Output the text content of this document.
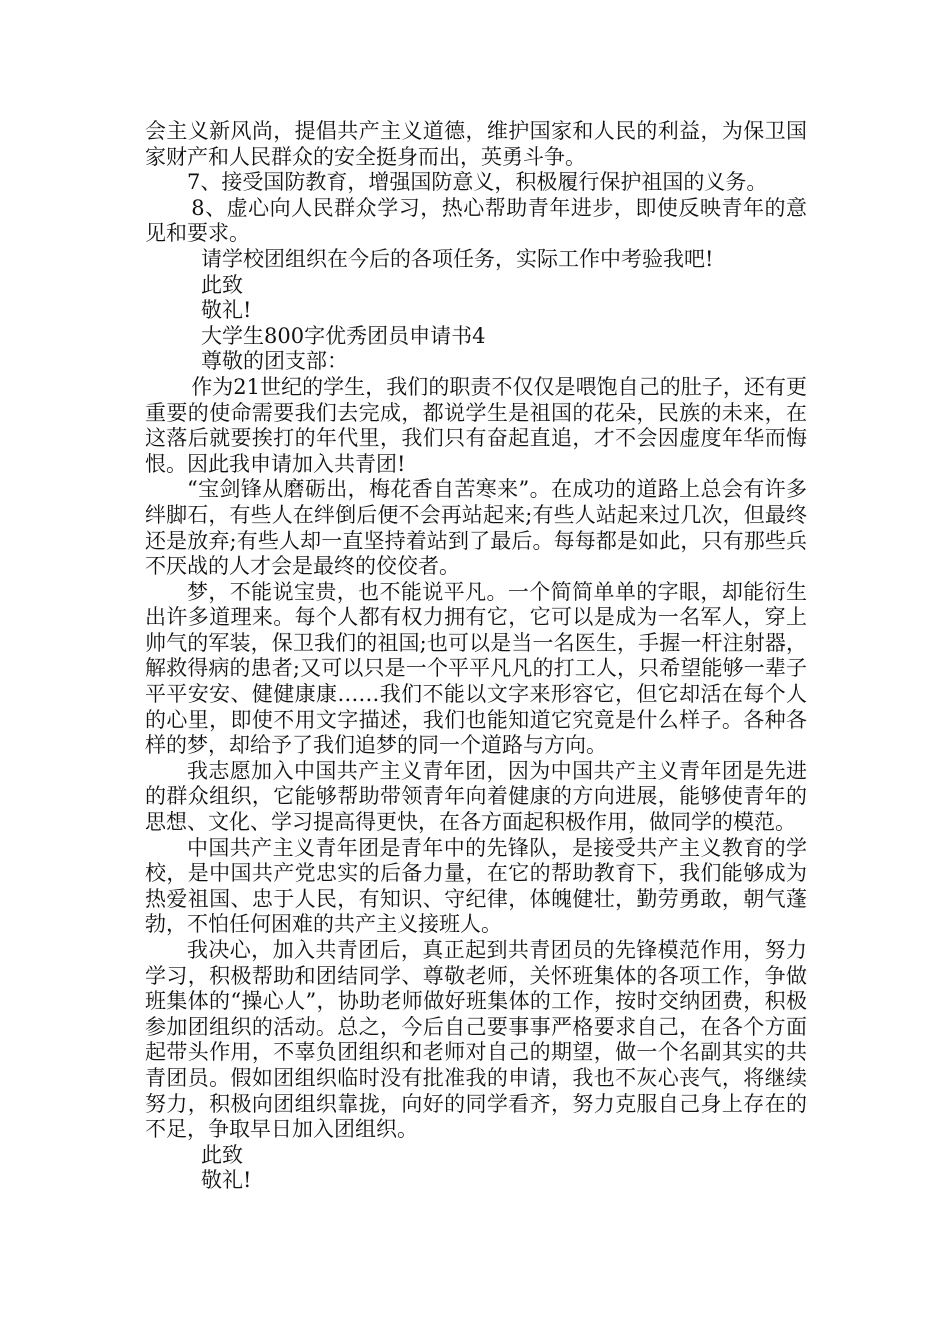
会主义新风尚，提倡共产主义道德，维护国家和人民的利益，为保卫国家财产和人民群众的安全挺身而出，英勇斗争。

7、接受国防教育，增强国防意义，积极履行保护祖国的义务。

8、虚心向人民群众学习，热心帮助青年进步，即使反映青年的意见和要求。

请学校团组织在今后的各项任务，实际工作中考验我吧!

此致

敬礼!

大学生800字优秀团员申请书4

尊敬的团支部：

作为21世纪的学生，我们的职责不仅仅是喂饱自己的肚子，还有更重要的使命需要我们去完成，都说学生是祖国的花朵，民族的未来，在这落后就要挨打的年代里，我们只有奋起直追，才不会因虚度年华而悔恨。因此我申请加入共青团!

“宝剑锋从磨砺出，梅花香自苦寒来”。在成功的道路上总会有许多绊脚石，有些人在绊倒后便不会再站起来;有些人站起来过几次，但最终还是放弃;有些人却一直坚持着站到了最后。每每都是如此，只有那些兵不厌战的人才会是最终的佼佼者。

梦，不能说宝贵，也不能说平凡。一个简简单单的字眼，却能衍生出许多道理来。每个人都有权力拥有它，它可以是成为一名军人，穿上帅气的军装，保卫我们的祖国;也可以是当一名医生，手握一杆注射器，解救得病的患者;又可以只是一个平平凡凡的打工人，只希望能够一辈子平平安安、健健康康……我们不能以文字来形容它，但它却活在每个人的心里，即使不用文字描述，我们也能知道它究竟是什么样子。各种各样的梦，却给予了我们追梦的同一个道路与方向。

我志愿加入中国共产主义青年团，因为中国共产主义青年团是先进的群众组织，它能够帮助带领青年向着健康的方向进展，能够使青年的思想、文化、学习提高得更快，在各方面起积极作用，做同学的模范。

中国共产主义青年团是青年中的先锋队，是接受共产主义教育的学校，是中国共产党忠实的后备力量，在它的帮助教育下，我们能够成为热爱祖国、忠于人民，有知识、守纪律，体魄健壮，勤劳勇敢，朝气蓬勃，不怕任何困难的共产主义接班人。

我决心，加入共青团后，真正起到共青团员的先锋模范作用，努力学习，积极帮助和团结同学、尊敬老师，关怀班集体的各项工作，争做班集体的“操心人”，协助老师做好班集体的工作，按时交纳团费，积极参加团组织的活动。总之，今后自己要事事严格要求自己，在各个方面起带头作用，不辜负团组织和老师对自己的期望，做一个名副其实的共青团员。假如团组织临时没有批准我的申请，我也不灰心丧气，将继续努力，积极向团组织靠拢，向好的同学看齐，努力克服自己身上存在的不足，争取早日加入团组织。

此致

敬礼!
